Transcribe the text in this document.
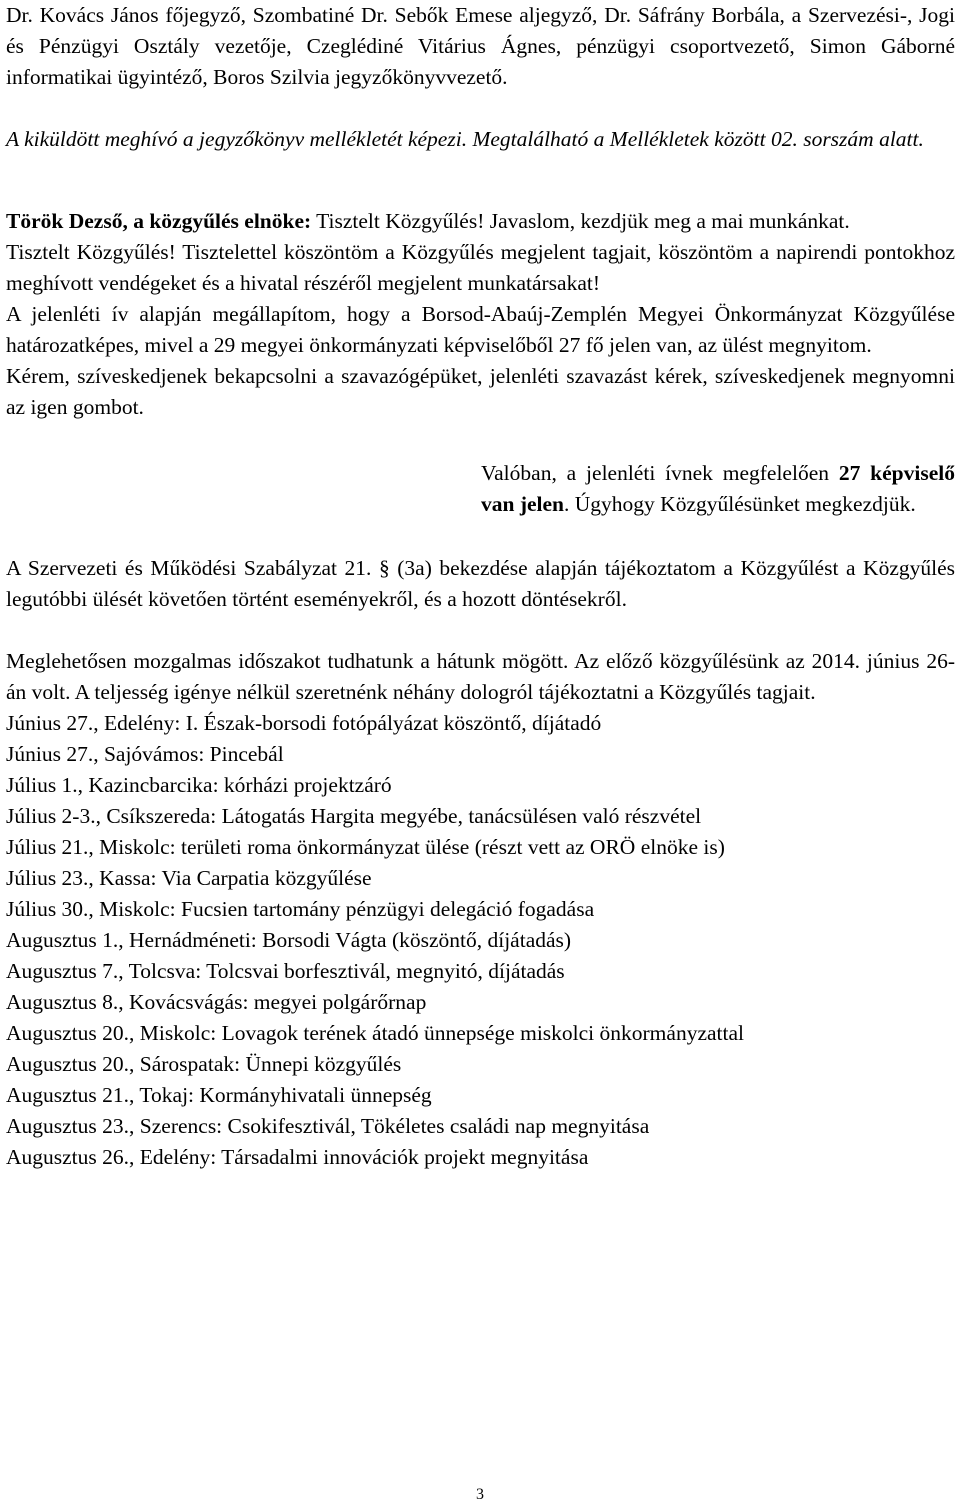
Dr. Kovács János főjegyző, Szombatiné Dr. Sebők Emese aljegyző, Dr. Sáfrány Borbála, a Szervezési-, Jogi és Pénzügyi Osztály vezetője, Czeglédiné Vitárius Ágnes, pénzügyi csoportvezető, Simon Gáborné informatikai ügyintéző, Boros Szilvia jegyzőkönyvvezető.

A kiküldött meghívó a jegyzőkönyv mellékletét képezi. Megtalálható a Mellékletek között 02. sorszám alatt.

Török Dezső, a közgyűlés elnöke: Tisztelt Közgyűlés! Javaslom, kezdjük meg a mai munkánkat.

Tisztelt Közgyűlés! Tisztelettel köszöntöm a Közgyűlés megjelent tagjait, köszöntöm a napirendi pontokhoz meghívott vendégeket és a hivatal részéről megjelent munkatársakat!

A jelenléti ív alapján megállapítom, hogy a Borsod-Abaúj-Zemplén Megyei Önkormányzat Közgyűlése határozatképes, mivel a 29 megyei önkormányzati képviselőből 27 fő jelen van, az ülést megnyitom.

Kérem, szíveskedjenek bekapcsolni a szavazógépüket, jelenléti szavazást kérek, szíveskedjenek megnyomni az igen gombot.

Valóban, a jelenléti ívnek megfelelően 27 képviselő van jelen. Úgyhogy Közgyűlésünket megkezdjük.

A Szervezeti és Működési Szabályzat 21. § (3a) bekezdése alapján tájékoztatom a Közgyűlést a Közgyűlés legutóbbi ülését követően történt eseményekről, és a hozott döntésekről.

Meglehetősen mozgalmas időszakot tudhatunk a hátunk mögött. Az előző közgyűlésünk az 2014. június 26-án volt. A teljesség igénye nélkül szeretnénk néhány dologról tájékoztatni a Közgyűlés tagjait.

Június 27., Edelény: I. Észak-borsodi fotópályázat köszöntő, díjátadó

Június 27., Sajóvámos: Pincebál

Július 1., Kazincbarcika: kórházi projektzáró

Július 2-3., Csíkszereda: Látogatás Hargita megyébe, tanácsülésen való részvétel

Július 21., Miskolc: területi roma önkormányzat ülése (részt vett az ORÖ elnöke is)

Július 23., Kassa: Via Carpatia közgyűlése

Július 30., Miskolc: Fucsien tartomány pénzügyi delegáció fogadása

Augusztus 1., Hernádméneti: Borsodi Vágta (köszöntő, díjátadás)

Augusztus 7., Tolcsva: Tolcsvai borfesztivál, megnyitó, díjátadás

Augusztus 8., Kovácsvágás: megyei polgárőrnap

Augusztus 20., Miskolc: Lovagok terének átadó ünnepsége miskolci önkormányzattal

Augusztus 20., Sárospatak: Ünnepi közgyűlés

Augusztus 21., Tokaj: Kormányhivatali ünnepség

Augusztus 23., Szerencs: Csokifesztivál, Tökéletes családi nap megnyitása

Augusztus 26., Edelény: Társadalmi innovációk projekt megnyitása

3
